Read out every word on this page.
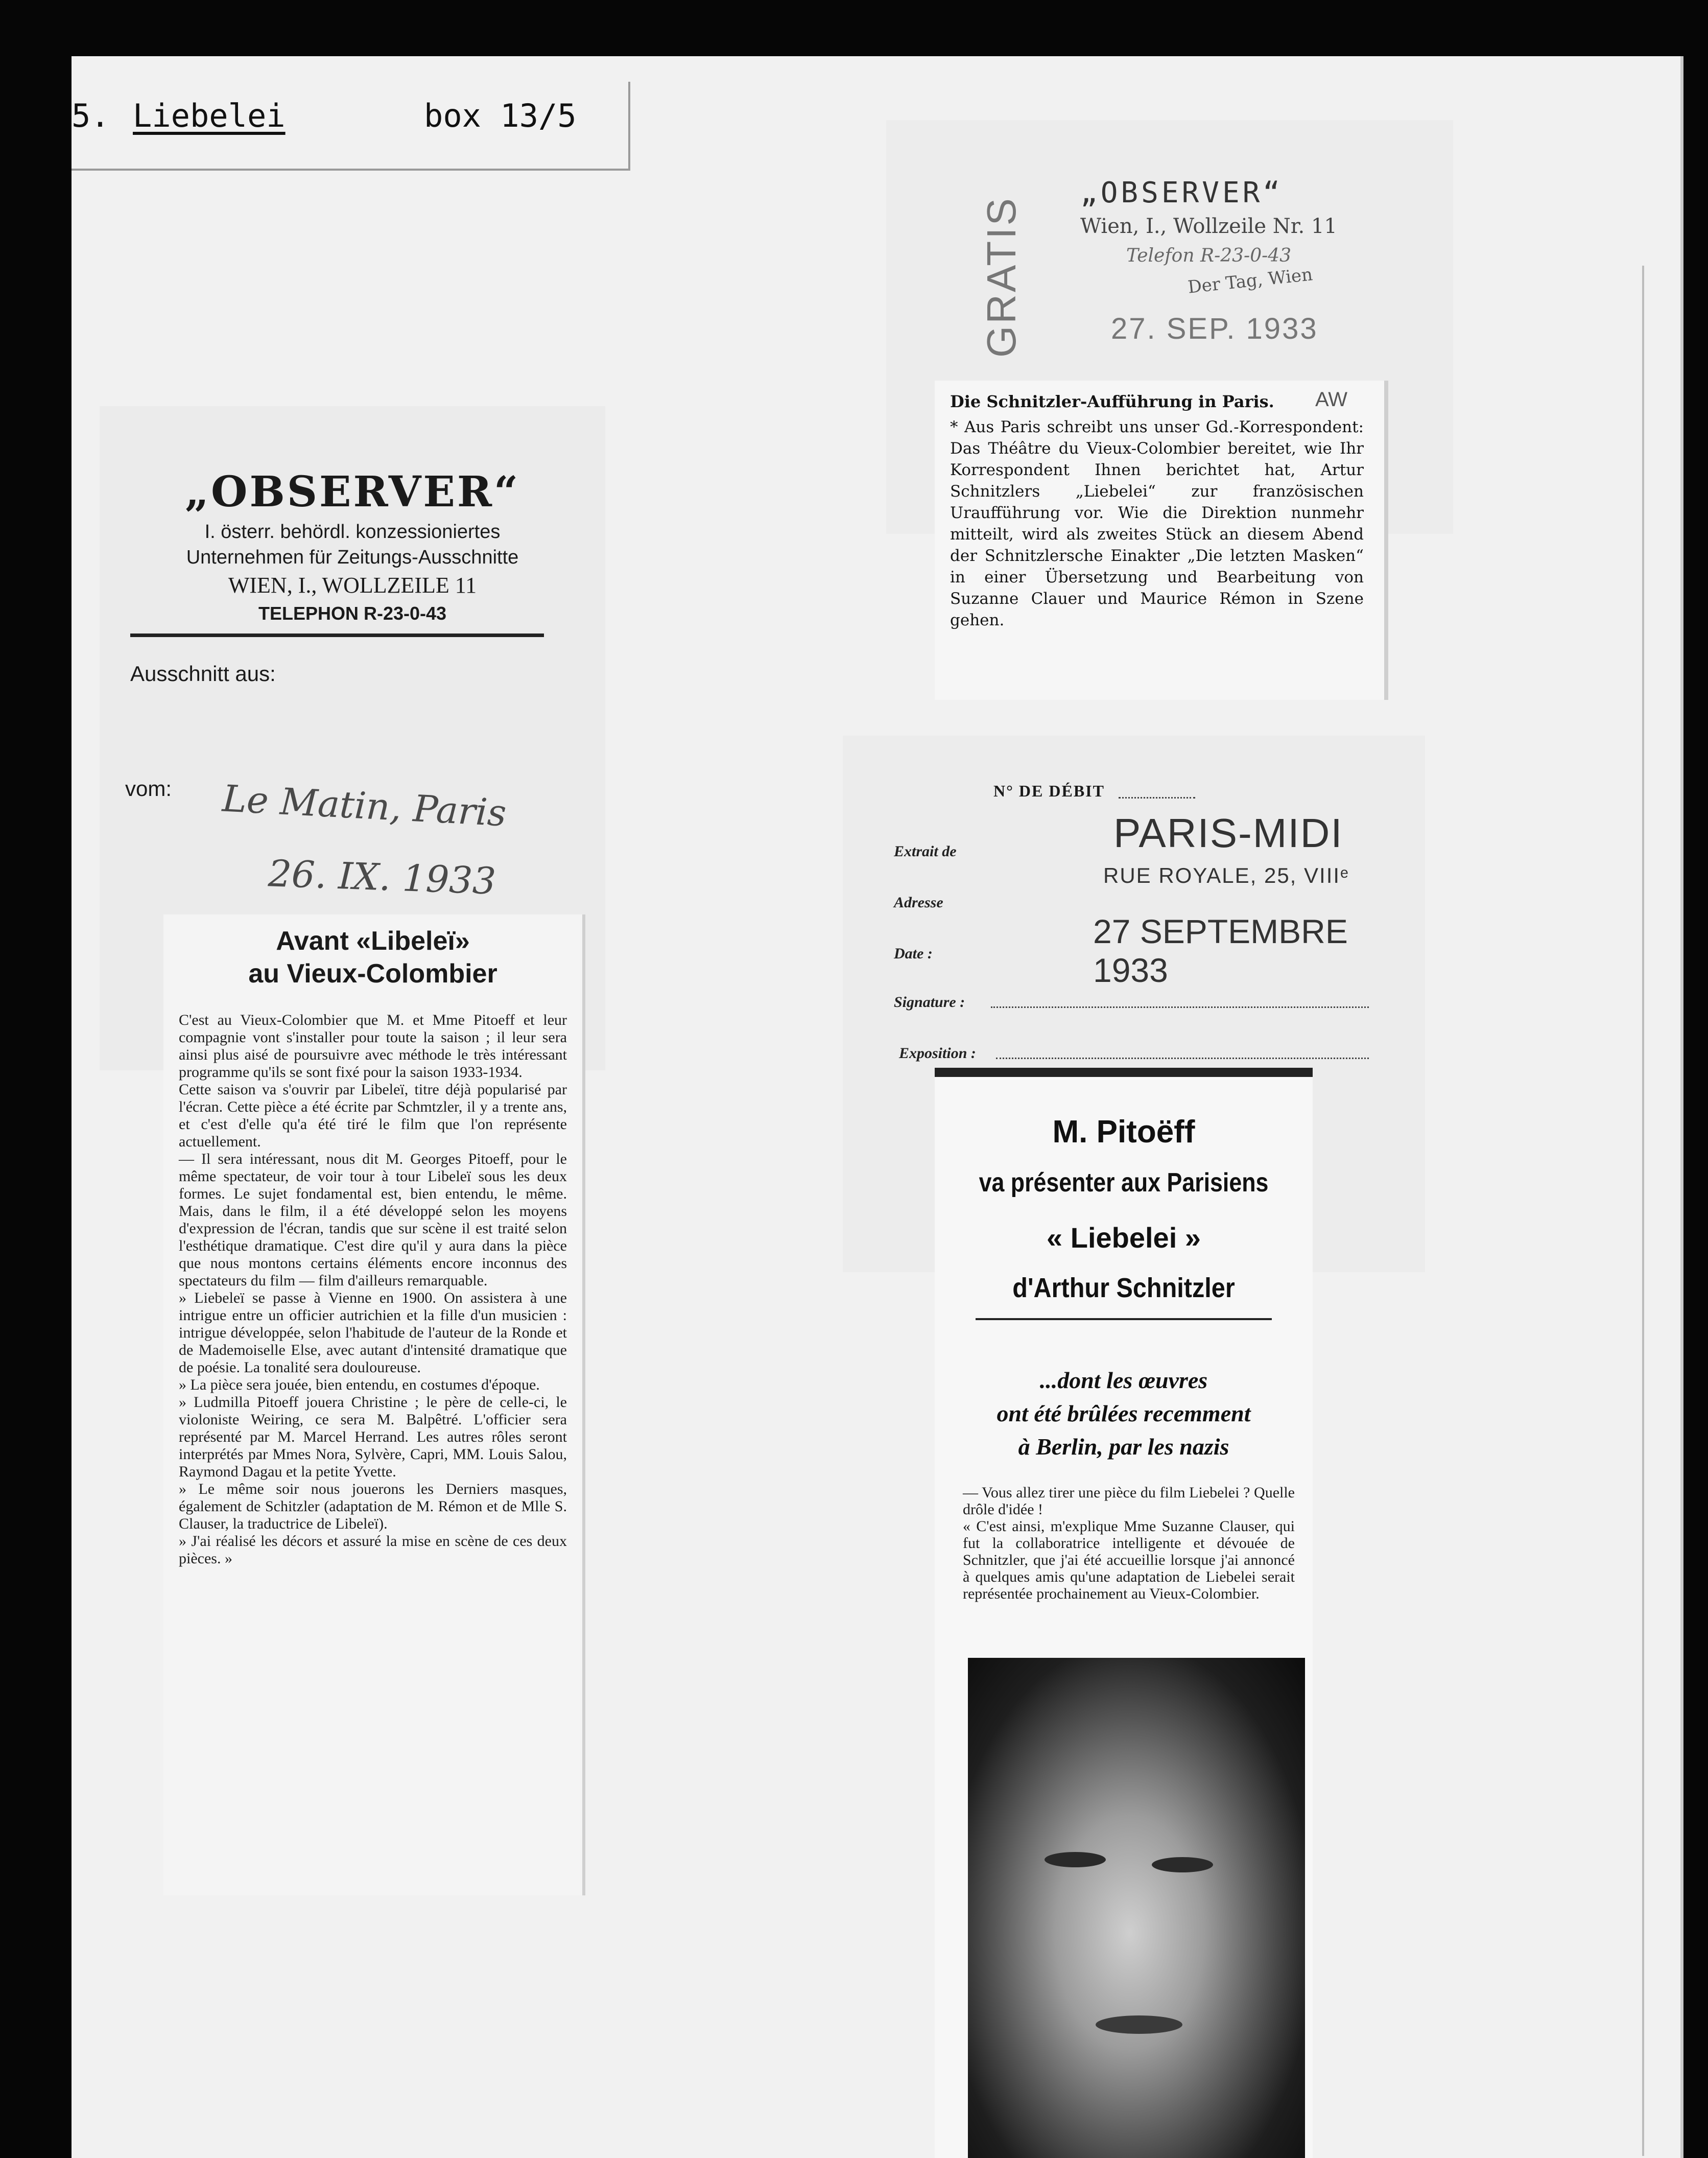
5. Liebelei	box 13/5
„OBSERVER“
I. österr. behördl. konzessioniertes
Unternehmen für Zeitungs-Ausschnitte
WIEN, I., WOLLZEILE 11
TELEPHON R-23-0-43
Ausschnitt aus:
vom: Le Matin, Paris
26. IX. 1933
Avant «Libeleï»
au Vieux-Colombier
C'est au Vieux-Colombier que M. et Mme Pitoeff et leur compagnie vont s'installer pour toute la saison ; il leur sera ainsi plus aisé de poursuivre avec méthode le très intéressant programme qu'ils se sont fixé pour la saison 1933-1934.
Cette saison va s'ouvrir par Libeleï, titre déjà popularisé par l'écran. Cette pièce a été écrite par Schmtzler, il y a trente ans, et c'est d'elle qu'a été tiré le film que l'on représente actuellement.
— Il sera intéressant, nous dit M. Georges Pitoeff, pour le même spectateur, de voir tour à tour Libeleï sous les deux formes. Le sujet fondamental est, bien entendu, le même. Mais, dans le film, il a été développé selon les moyens d'expression de l'écran, tandis que sur scène il est traité selon l'esthétique dramatique. C'est dire qu'il y aura dans la pièce que nous montons certains éléments encore inconnus des spectateurs du film — film d'ailleurs remarquable.
» Liebeleï se passe à Vienne en 1900. On assistera à une intrigue entre un officier autrichien et la fille d'un musicien : intrigue développée, selon l'habitude de l'auteur de la Ronde et de Mademoiselle Else, avec autant d'intensité dramatique que de poésie. La tonalité sera douloureuse.
» La pièce sera jouée, bien entendu, en costumes d'époque.
» Ludmilla Pitoeff jouera Christine ; le père de celle-ci, le violoniste Weiring, ce sera M. Balpêtré. L'officier sera représenté par M. Marcel Herrand. Les autres rôles seront interprétés par Mmes Nora, Sylvère, Capri, MM. Louis Salou, Raymond Dagau et la petite Yvette.
» Le même soir nous jouerons les Derniers masques, également de Schitzler (adaptation de M. Rémon et de Mlle S. Clauser, la traductrice de Libeleï).
» J'ai réalisé les décors et assuré la mise en scène de ces deux pièces. »
„OBSERVER“
Wien, I., Wollzeile Nr. 11
Telefon R-23-0-43
Der Tag, Wien
27. SEP. 1933
GRATIS
Die Schnitzler-Aufführung in Paris. AW
* Aus Paris schreibt uns unser Gd.-Korrespondent: Das Théâtre du Vieux-Colombier bereitet, wie Ihr Korrespondent Ihnen berichtet hat, Artur Schnitzlers „Liebelei“ zur französischen Uraufführung vor. Wie die Direktion nunmehr mitteilt, wird als zweites Stück an diesem Abend der Schnitzlersche Einakter „Die letzten Masken“ in einer Übersetzung und Bearbeitung von Suzanne Clauer und Maurice Rémon in Szene gehen.
N° DE DÉBIT
Extrait de
Adresse
Date :
Signature :
Exposition :
PARIS-MIDI
RUE ROYALE, 25, VIIIᵉ
27 SEPTEMBRE 1933
M. Pitoëff
va présenter aux Parisiens
« Liebelei »
d'Arthur Schnitzler
...dont les œuvres
ont été brûlées recemment
à Berlin, par les nazis
— Vous allez tirer une pièce du film Liebelei ? Quelle drôle d'idée !
« C'est ainsi, m'explique Mme Suzanne Clauser, qui fut la collaboratrice intelligente et dévouée de Schnitzler, que j'ai été accueillie lorsque j'ai annoncé à quelques amis qu'une adaptation de Liebelei serait représentée prochainement au Vieux-Colombier.
